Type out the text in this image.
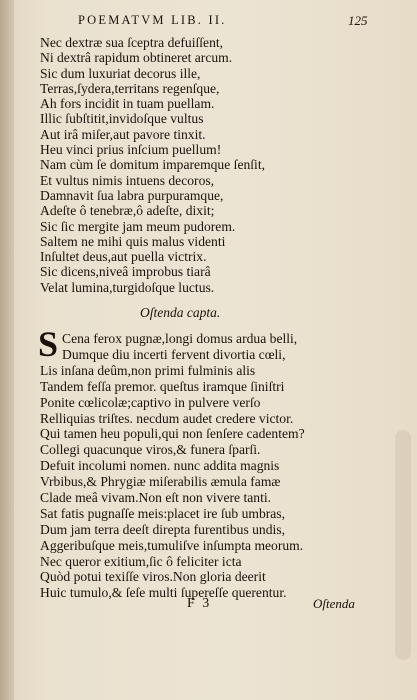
POEMATVM LIB. II.	125
Nec dextræ sua ſceptra defuiſſent,
Ni dextrâ rapidum obtineret arcum.
Sic dum luxuriat decorus ille,
Terras,ſydera,territans regenſque,
Ah fors incidit in tuam puellam.
Illic ſubſtitit,invidoſque vultus
Aut irâ miſer,aut pavore tinxit.
Heu vinci prius inſcium puellum!
Nam cùm ſe domitum imparemque ſenſit,
Et vultus nimis intuens decoros,
Damnavit ſua labra purpuramque,
Adeſte ô tenebræ,ô adeſte, dixit;
Sic ſic mergite jam meum pudorem.
Saltem ne mihi quis malus videnti
Inſultet deus,aut puella victrix.
Sic dicens,niveâ improbus tiarâ
Velat lumina,turgidoſque luctus.
Oſtenda capta.
S Cena ferox pugnæ,longi domus ardua belli,
Dumque diu incerti fervent divortia cœli,
Lis inſana deûm,non primi fulminis alis
Tandem feſſa premor. queſtus iramque ſiniſtri
Ponite cœlicolæ;captivo in pulvere verſo
Relliquias triſtes. necdum audet credere victor.
Qui tamen heu populi,qui non ſenſere cadentem?
Collegi quacunque viros,& funera ſparſi.
Defuit incolumi nomen. nunc addita magnis
Vrbibus,& Phrygiæ miſerabilis æmula famæ
Clade meâ vivam.Non eſt non vivere tanti.
Sat fatis pugnaſſe meis:placet ire ſub umbras,
Dum jam terra deeſt direpta furentibus undis,
Aggeribuſque meis,tumuliſve inſumpta meorum.
Nec queror exitium,ſic ô feliciter icta
Quòd potui texiſſe viros.Non gloria deerit
Huic tumulo,& ſeſe multi ſupereſſe querentur.
F 3	Oſtenda
